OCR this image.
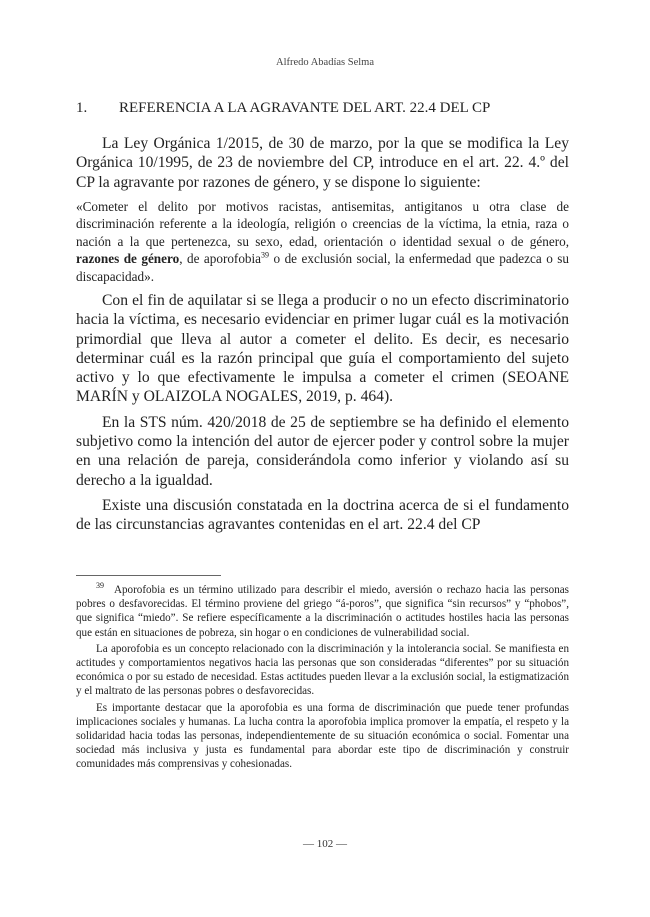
Alfredo Abadías Selma
1. REFERENCIA A LA AGRAVANTE DEL ART. 22.4 DEL CP

La Ley Orgánica 1/2015, de 30 de marzo, por la que se modifica la Ley Orgánica 10/1995, de 23 de noviembre del CP, introduce en el art. 22. 4.º del CP la agravante por razones de género, y se dispone lo siguiente:

«Cometer el delito por motivos racistas, antisemitas, antigitanos u otra clase de discriminación referente a la ideología, religión o creencias de la víctima, la etnia, raza o nación a la que pertenezca, su sexo, edad, orientación o identidad sexual o de género, razones de género, de aporofobia$^{39}$ o de exclusión social, la enfermedad que padezca o su discapacidad».

Con el fin de aquilatar si se llega a producir o no un efecto discriminatorio hacia la víctima, es necesario evidenciar en primer lugar cuál es la motivación primordial que lleva al autor a cometer el delito. Es decir, es necesario determinar cuál es la razón principal que guía el comportamiento del sujeto activo y lo que efectivamente le impulsa a cometer el crimen (SEOANE MARÍN y OLAIZOLA NOGALES, 2019, p. 464).

En la STS núm. 420/2018 de 25 de septiembre se ha definido el elemento subjetivo como la intención del autor de ejercer poder y control sobre la mujer en una relación de pareja, considerándola como inferior y violando así su derecho a la igualdad.

Existe una discusión constatada en la doctrina acerca de si el fundamento de las circunstancias agravantes contenidas en el art. 22.4 del CP

$^{39}$ Aporofobia es un término utilizado para describir el miedo, aversión o rechazo hacia las personas pobres o desfavorecidas. El término proviene del griego “á-poros”, que significa “sin recursos” y “phobos”, que significa “miedo”. Se refiere específicamente a la discriminación o actitudes hostiles hacia las personas que están en situaciones de pobreza, sin hogar o en condiciones de vulnerabilidad social.

La aporofobia es un concepto relacionado con la discriminación y la intolerancia social. Se manifiesta en actitudes y comportamientos negativos hacia las personas que son consideradas “diferentes” por su situación económica o por su estado de necesidad. Estas actitudes pueden llevar a la exclusión social, la estigmatización y el maltrato de las personas pobres o desfavorecidas.

Es importante destacar que la aporofobia es una forma de discriminación que puede tener profundas implicaciones sociales y humanas. La lucha contra la aporofobia implica promover la empatía, el respeto y la solidaridad hacia todas las personas, independientemente de su situación económica o social. Fomentar una sociedad más inclusiva y justa es fundamental para abordar este tipo de discriminación y construir comunidades más comprensivas y cohesionadas.

— 102 —
